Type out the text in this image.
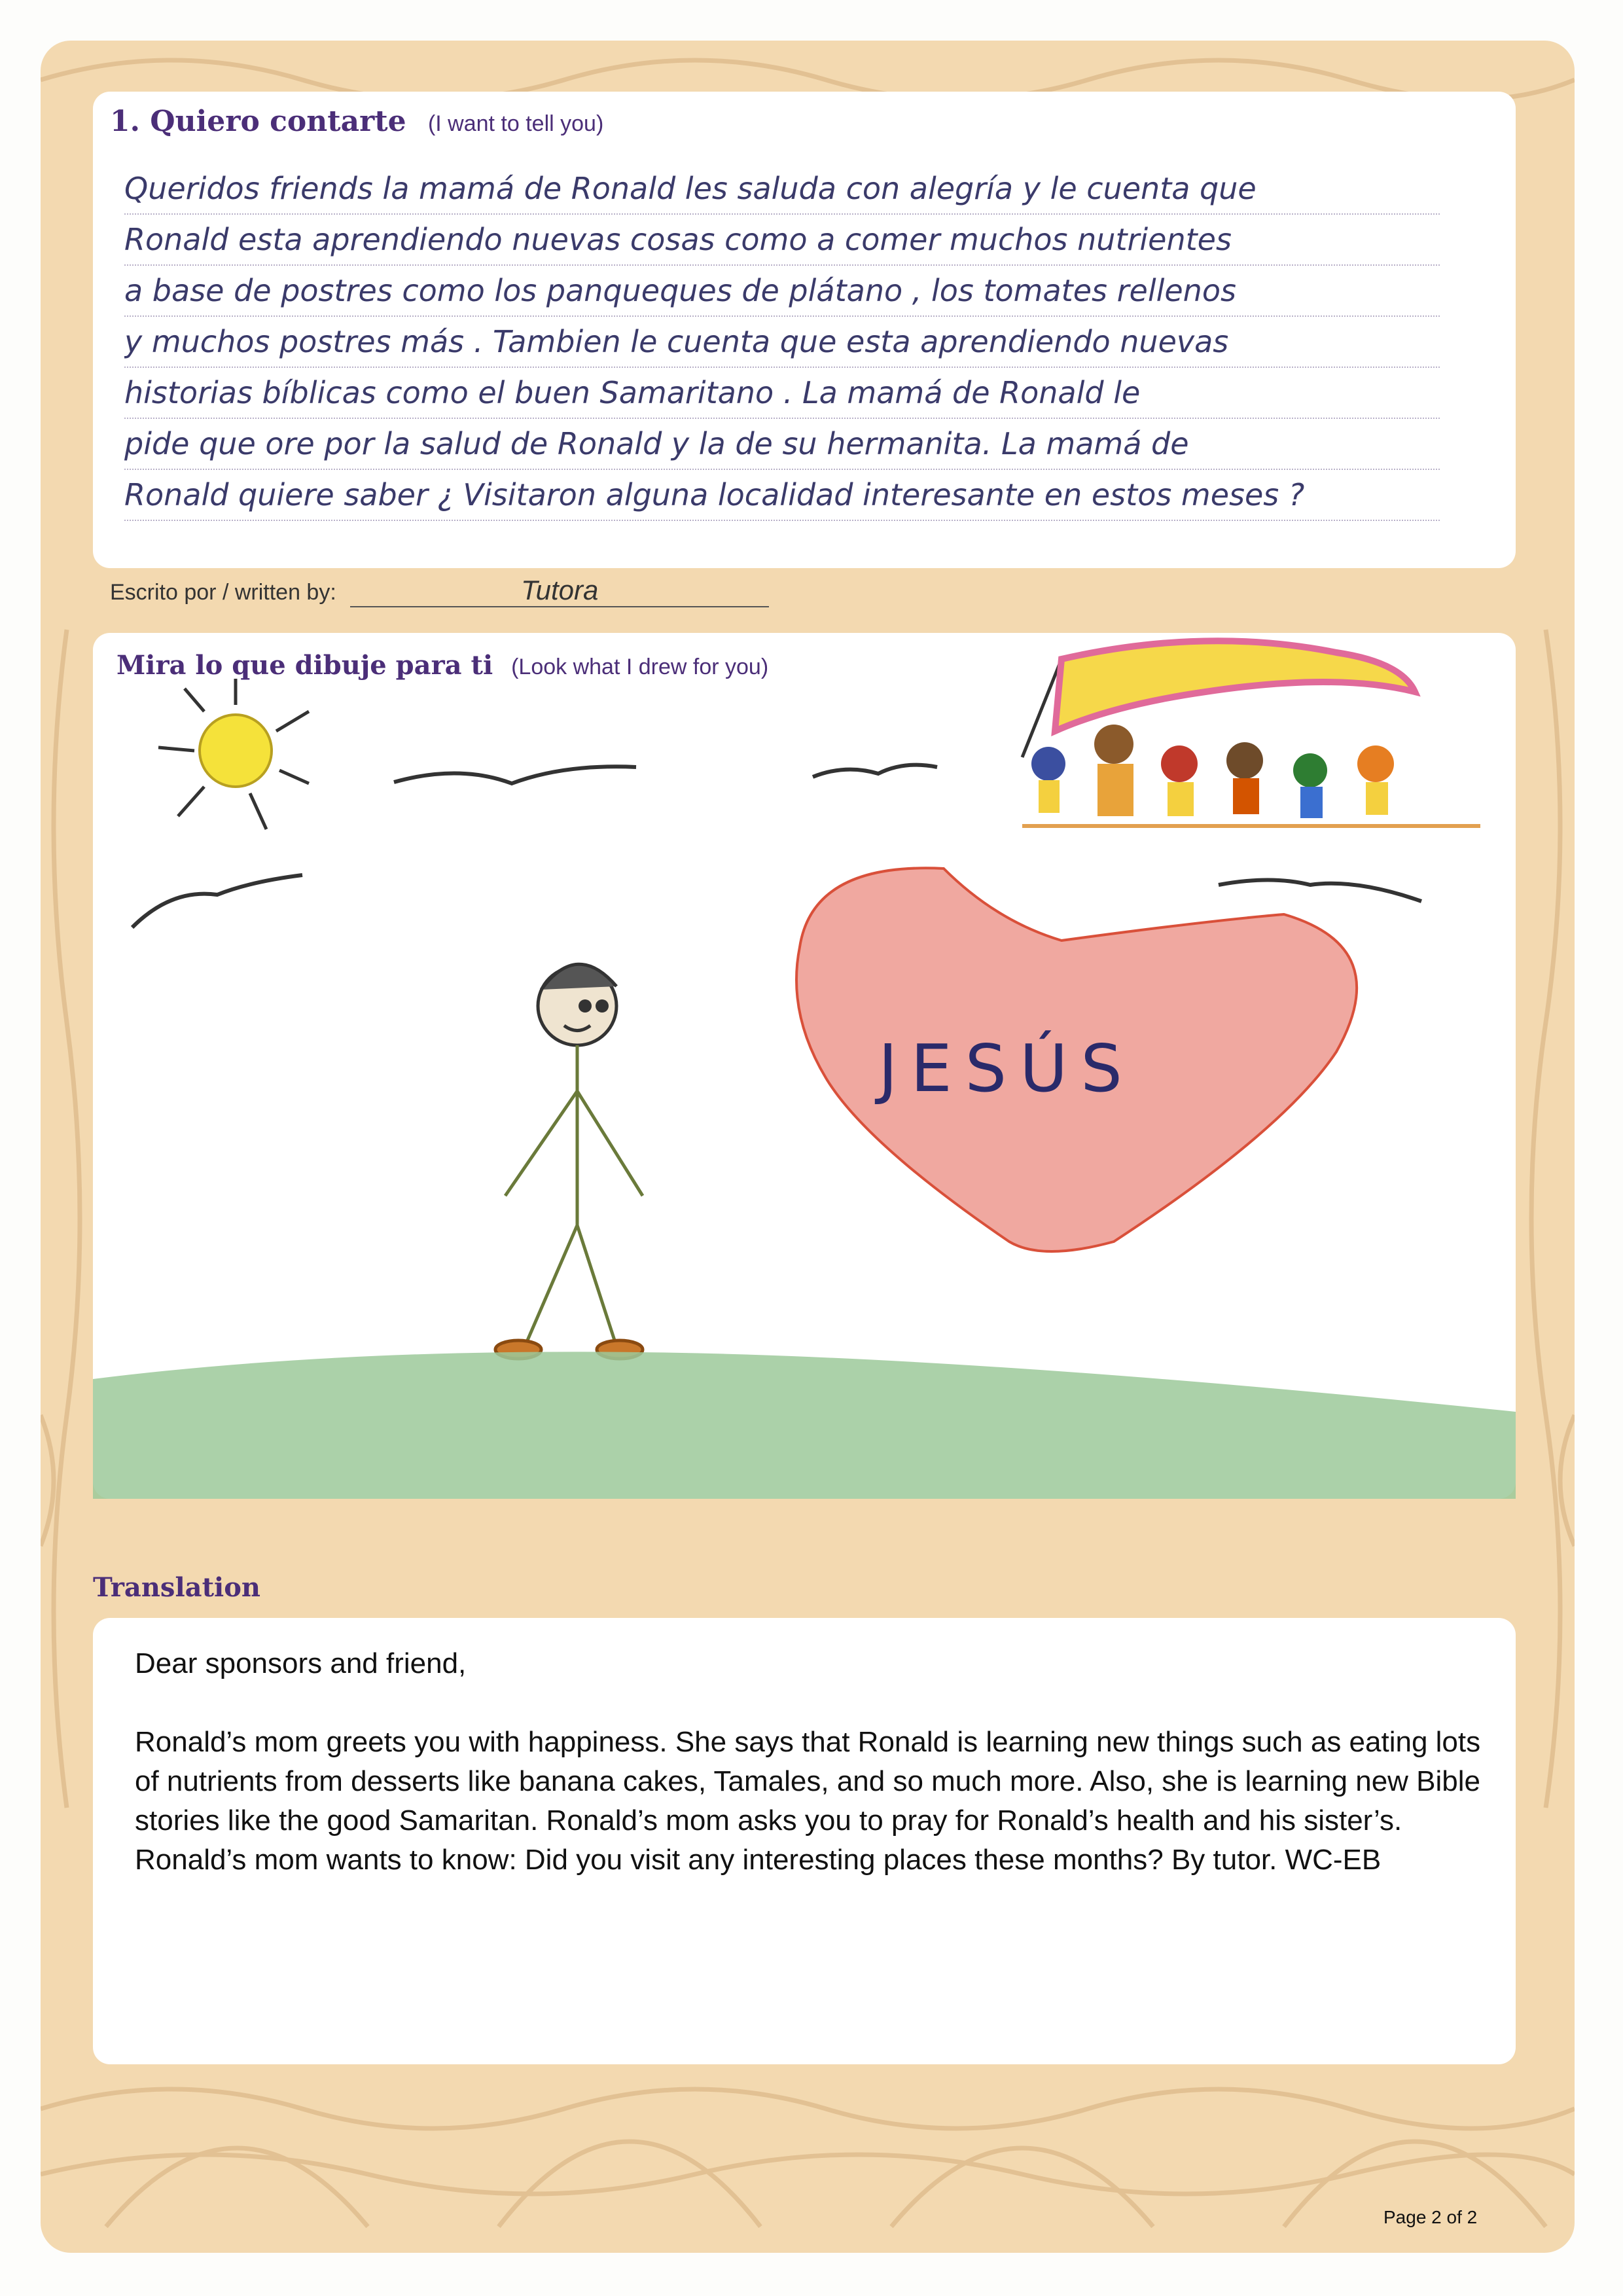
1. Quiero contarte (I want to tell you)
Queridos friends la mamá de Ronald les saluda con alegría y le cuenta que
Ronald esta aprendiendo nuevas cosas como a comer muchos nutrientes
a base de postres como los panqueques de plátano , los tomates rellenos
y muchos postres más . Tambien le cuenta que esta aprendiendo nuevas
historias bíblicas como el buen Samaritano . La mamá de Ronald le
pide que ore por la salud de Ronald y la de su hermanita. La mamá de
Ronald quiere saber ¿ Visitaron alguna localidad interesante en estos meses ?
Escrito por / written by:	Tutora
Mira lo que dibuje para ti (Look what I drew for you)
JESÚS
Translation
Dear sponsors and friend,

Ronald’s mom greets you with happiness. She says that Ronald is learning new things such as eating lots of nutrients from desserts like banana cakes, Tamales, and so much more. Also, she is learning new Bible stories like the good Samaritan. Ronald’s mom asks you to pray for Ronald’s health and his sister’s. Ronald’s mom wants to know: Did you visit any interesting places these months? By tutor. WC-EB
Page 2 of 2
